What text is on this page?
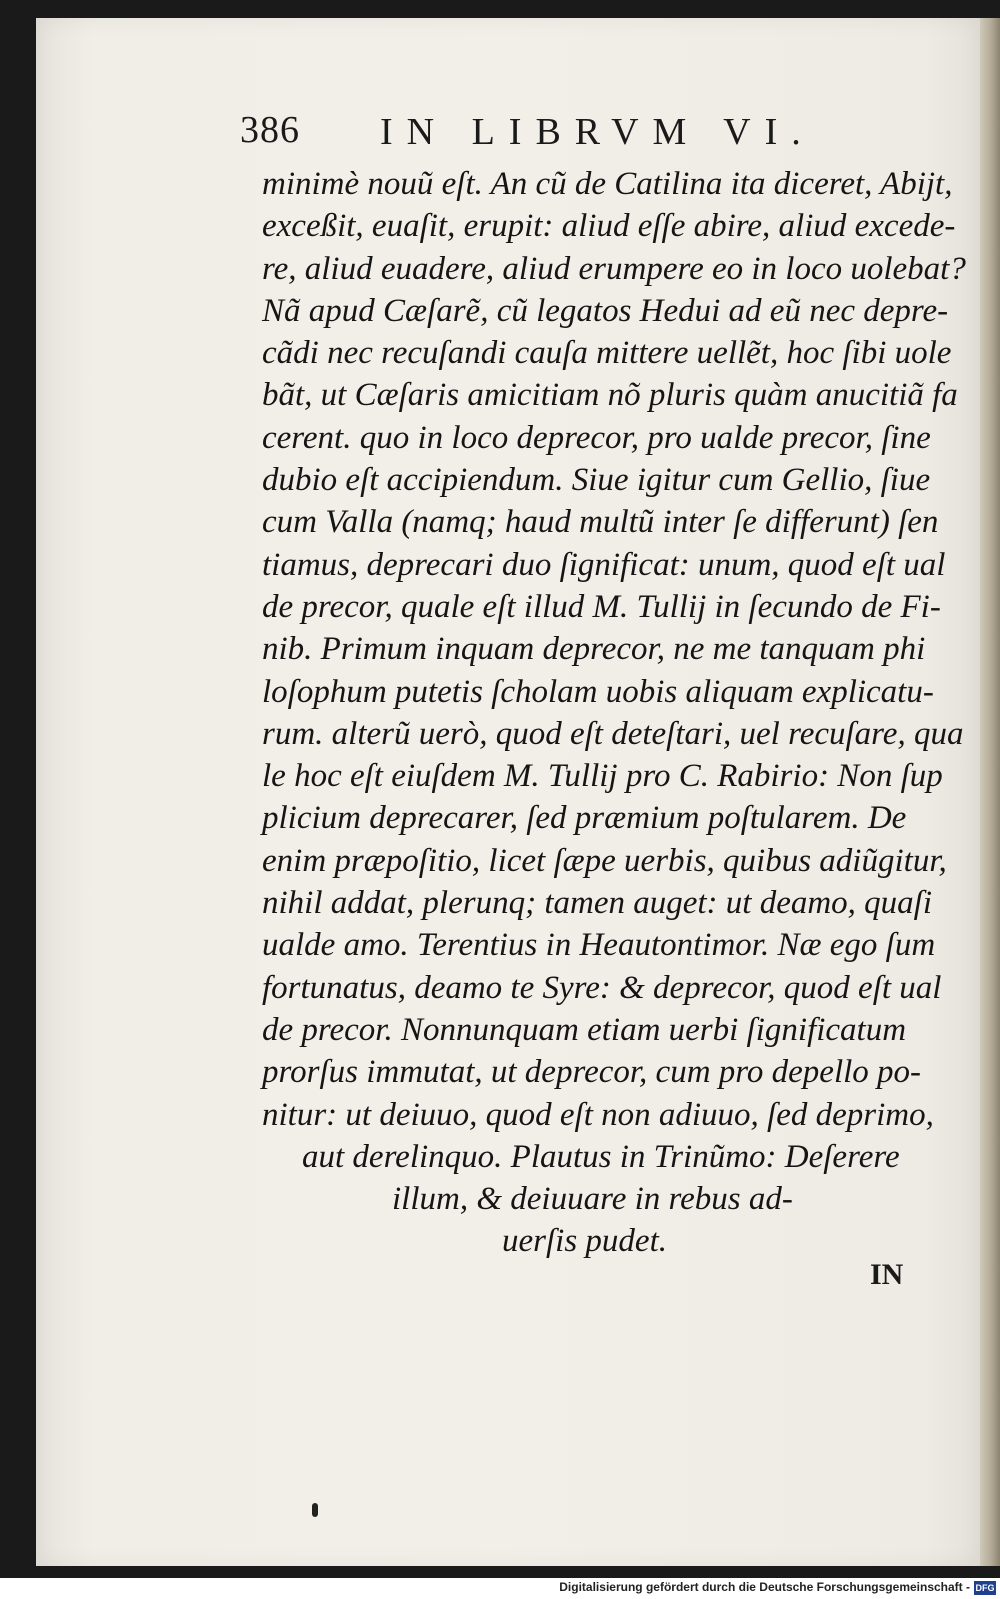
386 IN LIBRVM VI.
minimè nouũ eſt. An cũ de Catilina ita diceret, Abijt,
exceßit, euaſit, erupit: aliud eſſe abire, aliud excede-
re, aliud euadere, aliud erumpere eo in loco uolebat?
Nã apud Cæſarẽ, cũ legatos Hedui ad eũ nec depre-
cãdi nec recuſandi cauſa mittere uellẽt, hoc ſibi uole
bãt, ut Cæſaris amicitiam nõ pluris quàm anucitiã fa
cerent. quo in loco deprecor, pro ualde precor, ſine
dubio eſt accipiendum. Siue igitur cum Gellio, ſiue
cum Valla (namq; haud multũ inter ſe differunt) ſen
tiamus, deprecari duo ſignificat: unum, quod eſt ual
de precor, quale eſt illud M. Tullij in ſecundo de Fi-
nib. Primum inquam deprecor, ne me tanquam phi
loſophum putetis ſcholam uobis aliquam explicatu-
rum. alterũ uerò, quod eſt deteſtari, uel recuſare, qua
le hoc eſt eiuſdem M. Tullij pro C. Rabirio: Non ſup
plicium deprecarer, ſed præmium poſtularem. De
enim præpoſitio, licet ſæpe uerbis, quibus adiũgitur,
nihil addat, plerunq; tamen auget: ut deamo, quaſi
ualde amo. Terentius in Heautontimor. Næ ego ſum
fortunatus, deamo te Syre: & deprecor, quod eſt ual
de precor. Nonnunquam etiam uerbi ſignificatum
prorſus immutat, ut deprecor, cum pro depello po-
nitur: ut deiuuo, quod eſt non adiuuo, ſed deprimo,
aut derelinquo. Plautus in Trinũmo: Deſerere
illum, & deiuuare in rebus ad-
uerſis pudet.
IN
Digitalisierung gefördert durch die Deutsche Forschungsgemeinschaft - DFG
